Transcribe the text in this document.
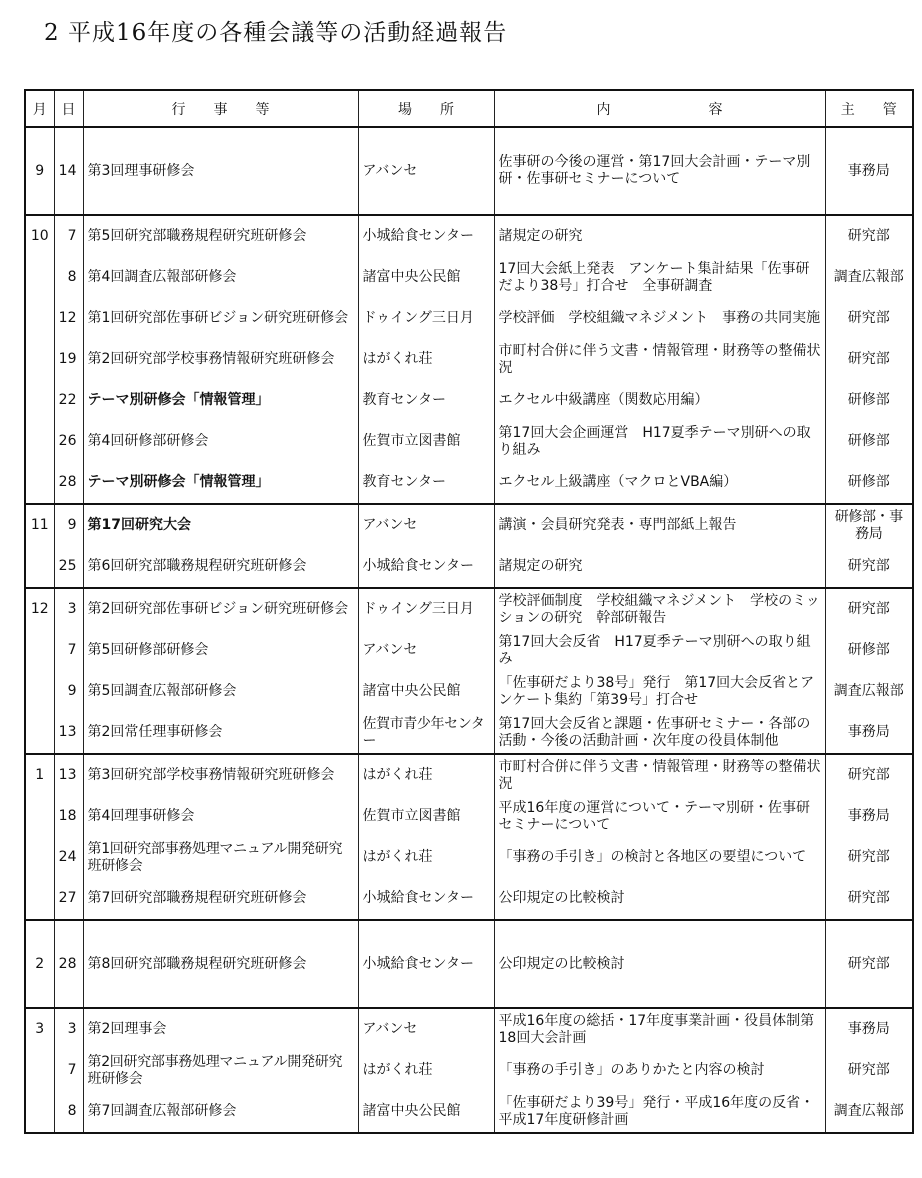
2 平成16年度の各種会議等の活動経過報告
月	日	行　　事　　等	場　　所	内　　　　　　　容	主　　管
9	14	第3回理事研修会	アバンセ	佐事研の今後の運営・第17回大会計画・テーマ別研・佐事研セミナーについて	事務局
10	7	第5回研究部職務規程研究班研修会	小城給食センター	諸規定の研究	研究部
	8	第4回調査広報部研修会	諸富中央公民館	17回大会紙上発表　アンケート集計結果「佐事研だより38号」打合せ　全事研調査	調査広報部
	12	第1回研究部佐事研ビジョン研究班研修会	ドゥイング三日月	学校評価　学校組織マネジメント　事務の共同実施	研究部
	19	第2回研究部学校事務情報研究班研修会	はがくれ荘	市町村合併に伴う文書・情報管理・財務等の整備状況	研究部
	22	テーマ別研修会「情報管理」	教育センター	エクセル中級講座（関数応用編）	研修部
	26	第4回研修部研修会	佐賀市立図書館	第17回大会企画運営　H17夏季テーマ別研への取り組み	研修部
	28	テーマ別研修会「情報管理」	教育センター	エクセル上級講座（マクロとVBA編）	研修部
11	9	第17回研究大会	アバンセ	講演・会員研究発表・専門部紙上報告	研修部・事務局
	25	第6回研究部職務規程研究班研修会	小城給食センター	諸規定の研究	研究部
12	3	第2回研究部佐事研ビジョン研究班研修会	ドゥイング三日月	学校評価制度　学校組織マネジメント　学校のミッションの研究　幹部研報告	研究部
	7	第5回研修部研修会	アバンセ	第17回大会反省　H17夏季テーマ別研への取り組み	研修部
	9	第5回調査広報部研修会	諸富中央公民館	「佐事研だより38号」発行　第17回大会反省とアンケート集約「第39号」打合せ	調査広報部
	13	第2回常任理事研修会	佐賀市青少年センター	第17回大会反省と課題・佐事研セミナー・各部の活動・今後の活動計画・次年度の役員体制他	事務局
1	13	第3回研究部学校事務情報研究班研修会	はがくれ荘	市町村合併に伴う文書・情報管理・財務等の整備状況	研究部
	18	第4回理事研修会	佐賀市立図書館	平成16年度の運営について・テーマ別研・佐事研セミナーについて	事務局
	24	第1回研究部事務処理マニュアル開発研究班研修会	はがくれ荘	「事務の手引き」の検討と各地区の要望について	研究部
	27	第7回研究部職務規程研究班研修会	小城給食センター	公印規定の比較検討	研究部
2	28	第8回研究部職務規程研究班研修会	小城給食センター	公印規定の比較検討	研究部
3	3	第2回理事会	アバンセ	平成16年度の総括・17年度事業計画・役員体制第18回大会計画	事務局
	7	第2回研究部事務処理マニュアル開発研究班研修会	はがくれ荘	「事務の手引き」のありかたと内容の検討	研究部
	8	第7回調査広報部研修会	諸富中央公民館	「佐事研だより39号」発行・平成16年度の反省・平成17年度研修計画	調査広報部
